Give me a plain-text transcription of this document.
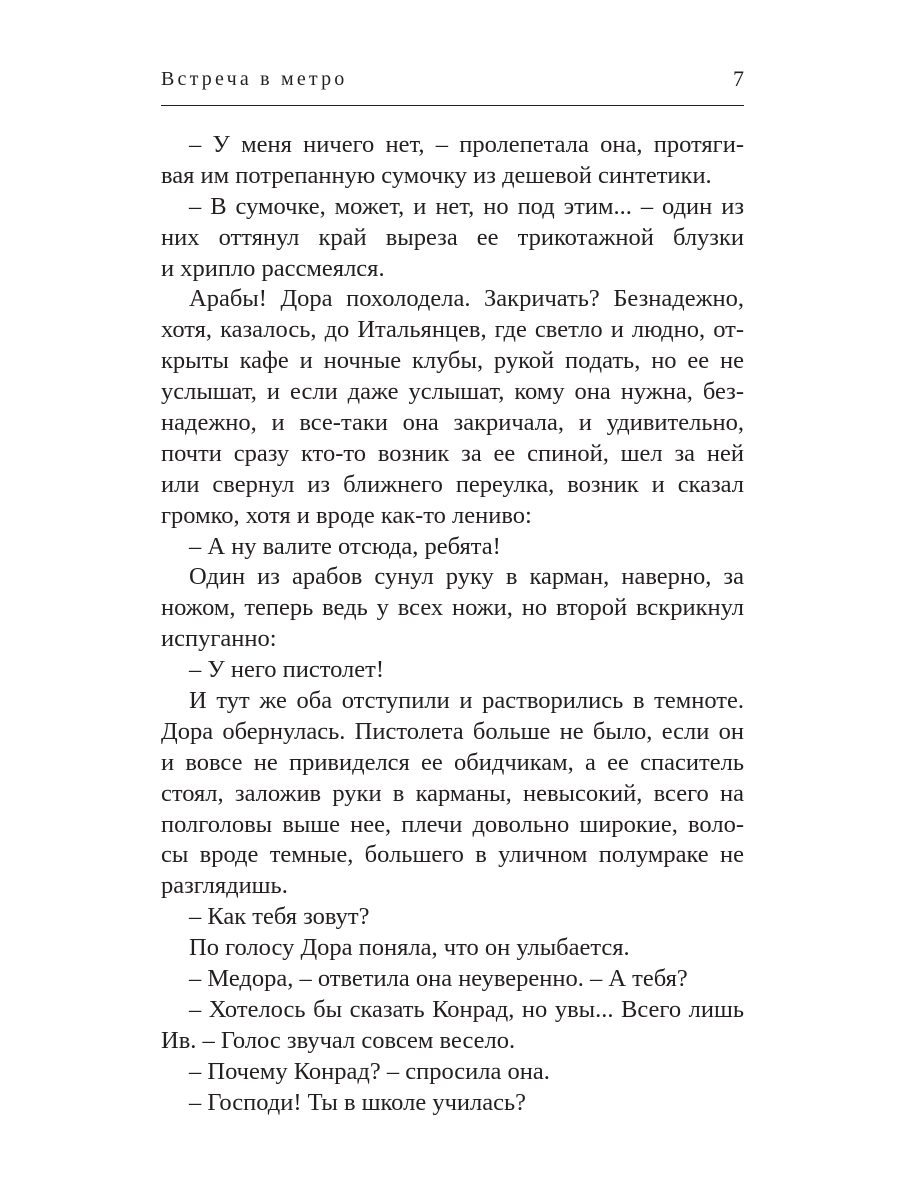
Встреча в метро	7
– У меня ничего нет, – пролепетала она, протяги-
вая им потрепанную сумочку из дешевой синтетики.
– В сумочке, может, и нет, но под этим... – один из
них оттянул край выреза ее трикотажной блузки
и хрипло рассмеялся.
Арабы! Дора похолодела. Закричать? Безнадежно,
хотя, казалось, до Итальянцев, где светло и людно, от-
крыты кафе и ночные клубы, рукой подать, но ее не
услышат, и если даже услышат, кому она нужна, без-
надежно, и все-таки она закричала, и удивительно,
почти сразу кто-то возник за ее спиной, шел за ней
или свернул из ближнего переулка, возник и сказал
громко, хотя и вроде как-то лениво:
– А ну валите отсюда, ребята!
Один из арабов сунул руку в карман, наверно, за
ножом, теперь ведь у всех ножи, но второй вскрикнул
испуганно:
– У него пистолет!
И тут же оба отступили и растворились в темноте.
Дора обернулась. Пистолета больше не было, если он
и вовсе не привиделся ее обидчикам, а ее спаситель
стоял, заложив руки в карманы, невысокий, всего на
полголовы выше нее, плечи довольно широкие, воло-
сы вроде темные, большего в уличном полумраке не
разглядишь.
– Как тебя зовут?
По голосу Дора поняла, что он улыбается.
– Медора, – ответила она неуверенно. – А тебя?
– Хотелось бы сказать Конрад, но увы... Всего лишь
Ив. – Голос звучал совсем весело.
– Почему Конрад? – спросила она.
– Господи! Ты в школе училась?
